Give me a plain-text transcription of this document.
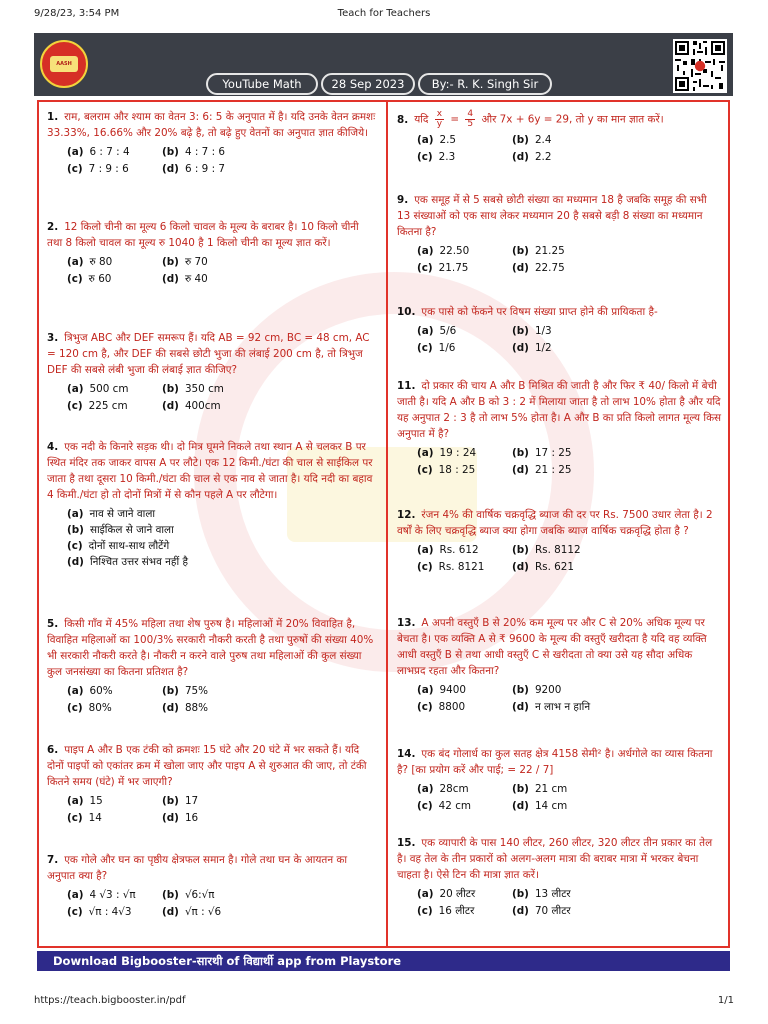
9/28/23, 3:54 PM	Teach for Teachers
AASH
YouTube Math	28 Sep 2023	By:- R. K. Singh Sir

1. राम, बलराम और श्याम का वेतन 3: 6: 5 के अनुपात में है। यदि उनके वेतन क्रमशः 33.33%, 16.66% और 20% बढ़े है, तो बढ़े हुए वेतनों का अनुपात ज्ञात कीजिये।

(a) 6 : 7 : 4	(b) 4 : 7 : 6
(c) 7 : 9 : 6	(d) 6 : 9 : 7

2. 12 किलो चीनी का मूल्य 6 किलो चावल के मूल्य के बराबर है। 10 किलो चीनी तथा 8 किलो चावल का मूल्य रु 1040 है 1 किलो चीनी का मूल्य ज्ञात करें।

(a) रु 80	(b) रु 70
(c) रु 60	(d) रु 40

3. त्रिभुज ABC और DEF समरूप हैं। यदि AB = 92 cm, BC = 48 cm, AC = 120 cm है, और DEF की सबसे छोटी भुजा की लंबाई 200 cm है, तो त्रिभुज DEF की सबसे लंबी भुजा की लंबाई ज्ञात कीजिए?

(a) 500 cm	(b) 350 cm
(c) 225 cm	(d) 400cm

4. एक नदी के किनारे सड़क थी। दो मित्र घूमने निकले तथा स्थान A से चलकर B पर स्थित मंदिर तक जाकर वापस A पर लौटे। एक 12 किमी./घंटा की चाल से साईकिल पर जाता है तथा दूसरा 10 किमी./घंटा की चाल से एक नाव से जाता है। यदि नदी का बहाव 4 किमी./घंटा हो तो दोनों मित्रों में से कौन पहले A पर लौटेगा।

(a) नाव से जाने वाला
(b) साईकिल से जाने वाला
(c) दोनों साथ-साथ लौटेंगे
(d) निश्चित उत्तर संभव नहीं है

5. किसी गाँव में 45% महिला तथा शेष पुरुष है। महिलाओं में 20% विवाहित है, विवाहित महिलाओं का 100/3% सरकारी नौकरी करती है तथा पुरुषों की संख्या 40% भी सरकारी नौकरी करते है। नौकरी न करने वाले पुरुष तथा महिलाओं की कुल संख्या कुल जनसंख्या का कितना प्रतिशत है?

(a) 60%	(b) 75%
(c) 80%	(d) 88%

6. पाइप A और B एक टंकी को क्रमशः 15 घंटे और 20 घंटे में भर सकते हैं। यदि दोनों पाइपों को एकांतर क्रम में खोला जाए और पाइप A से शुरुआत की जाए, तो टंकी कितने समय (घंटे) में भर जाएगी?

(a) 15	(b) 17
(c) 14	(d) 16

7. एक गोले और घन का पृष्ठीय क्षेत्रफल समान है। गोले तथा घन के आयतन का अनुपात क्या है?

(a) 4 √3 : √π	(b) √6:√π
(c) √π : 4√3	(d) √π : √6

8. यदि $\frac{x}{y} = \frac{4}{5}$ और 7x + 6y = 29, तो y का मान ज्ञात करें।

(a) 2.5	(b) 2.4
(c) 2.3	(d) 2.2

9. एक समूह में से 5 सबसे छोटी संख्या का मध्यमान 18 है जबकि समूह की सभी 13 संख्याओं को एक साथ लेकर मध्यमान 20 है सबसे बड़ी 8 संख्या का मध्यमान कितना है?

(a) 22.50	(b) 21.25
(c) 21.75	(d) 22.75

10. एक पासे को फेंकने पर विषम संख्या प्राप्त होने की प्रायिकता है-

(a) 5/6	(b) 1/3
(c) 1/6	(d) 1/2

11. दो प्रकार की चाय A और B मिश्रित की जाती है और फिर ₹ 40/ किलो में बेची जाती है। यदि A और B को 3 : 2 में मिलाया जाता है तो लाभ 10% होता है और यदि यह अनुपात 2 : 3 है तो लाभ 5% होता है। A और B का प्रति किलो लागत मूल्य किस अनुपात में है?

(a) 19 : 24	(b) 17 : 25
(c) 18 : 25	(d) 21 : 25

12. रंजन 4% की वार्षिक चक्रवृद्धि ब्याज की दर पर Rs. 7500 उधार लेता है। 2 वर्षों के लिए चक्रवृद्धि ब्याज क्या होगा जबकि ब्याज वार्षिक चक्रवृद्धि होता है ?

(a) Rs. 612	(b) Rs. 8112
(c) Rs. 8121	(d) Rs. 621

13. A अपनी वस्तुएँ B से 20% कम मूल्य पर और C से 20% अधिक मूल्य पर बेचता है। एक व्यक्ति A से ₹ 9600 के मूल्य की वस्तुएँ खरीदता है यदि वह व्यक्ति आधी वस्तुएँ B से तथा आधी वस्तुएँ C से खरीदता तो क्या उसे यह सौदा अधिक लाभप्रद रहता और कितना?

(a) 9400	(b) 9200
(c) 8800	(d) न लाभ न हानि

14. एक बंद गोलार्ध का कुल सतह क्षेत्र 4158 सेमी² है। अर्धगोले का व्यास कितना है? [का प्रयोग करें और पाई; = 22 / 7]

(a) 28cm	(b) 21 cm
(c) 42 cm	(d) 14 cm

15. एक व्यापारी के पास 140 लीटर, 260 लीटर, 320 लीटर तीन प्रकार का तेल है। वह तेल के तीन प्रकारों को अलग-अलग मात्रा की बराबर मात्रा में भरकर बेचना चाहता है। ऐसे टिन की मात्रा ज्ञात करें।

(a) 20 लीटर	(b) 13 लीटर
(c) 16 लीटर	(d) 70 लीटर
Download Bigbooster-सारथी of विद्यार्थी app from Playstore
https://teach.bigbooster.in/pdf	1/1
